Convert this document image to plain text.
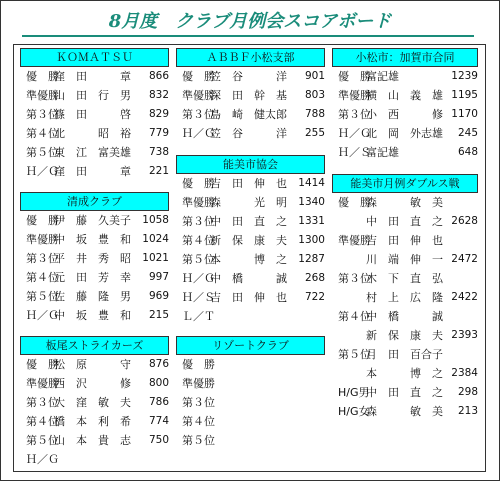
8月度　クラブ月例会スコアボード
ＫＯＭＡＴＳＵ
優　勝
窪　田　　　章 866
準優勝
山　田　行　男 832
第３位
篠　田　　　啓 829
第４位
北　　　昭　裕 779
第５位
東　江　富美雄 738
Ｈ／Ｇ
窪　田　　　章 221
ＡＢＢＦ小松支部
優　勝
笠　谷　　　洋 901
準優勝
深　田　幹　基 803
第３位
島　崎　健太郎 788
Ｈ／Ｇ
笠　谷　　　洋 255
小松市：加賀市合同
優　勝
富記雄	1239
準優勝
横　山　義　雄 1195
第３位
小　西　　　修 1170
Ｈ／Ｇ
北　岡　外志雄 245
Ｈ／Ｓ
富記雄	648
清成クラブ
優　勝
伊　藤　久美子 1058
準優勝
中　坂　豊　和 1024
第３位
平　井　秀　昭 1021
第４位
元　田　芳　幸 997
第５位
佐　藤　隆　男 969
Ｈ／Ｇ
中　坂　豊　和 215
能美市協会
優　勝
吉　田　伸　也 1414
準優勝
森　　　光　明 1340
第３位
中　田　直　之 1331
第４位
新　保　康　夫 1300
第５位
本　　　博　之 1287
Ｈ／Ｇ
中　橋　　　誠 268
Ｈ／Ｓ
吉　田　伸　也 722
Ｌ／Ｔ
能美市月例ダブルス戦
優　勝
森　　　敏　美
中　田　直　之 2628
準優勝
吉　田　伸　也
川　端　伸　一 2472
第３位
木　下　直　弘
村　上　広　隆 2422
第４位
中　橋　　　誠
新　保　康　夫 2393
第５位
月　田　百合子
本　　　博　之 2384
H/G男
中　田　直　之 298
H/G女
森　　　敏　美 213
板尾ストライカーズ
優　勝
松　原　　　守 876
準優勝
西　沢　　　修 800
第３位
大　窪　敏　夫 786
第４位
橋　本　利　希 774
第５位
山　本　貴　志 750
Ｈ／Ｇ
リゾートクラブ
優　勝
準優勝
第３位
第４位
第５位
